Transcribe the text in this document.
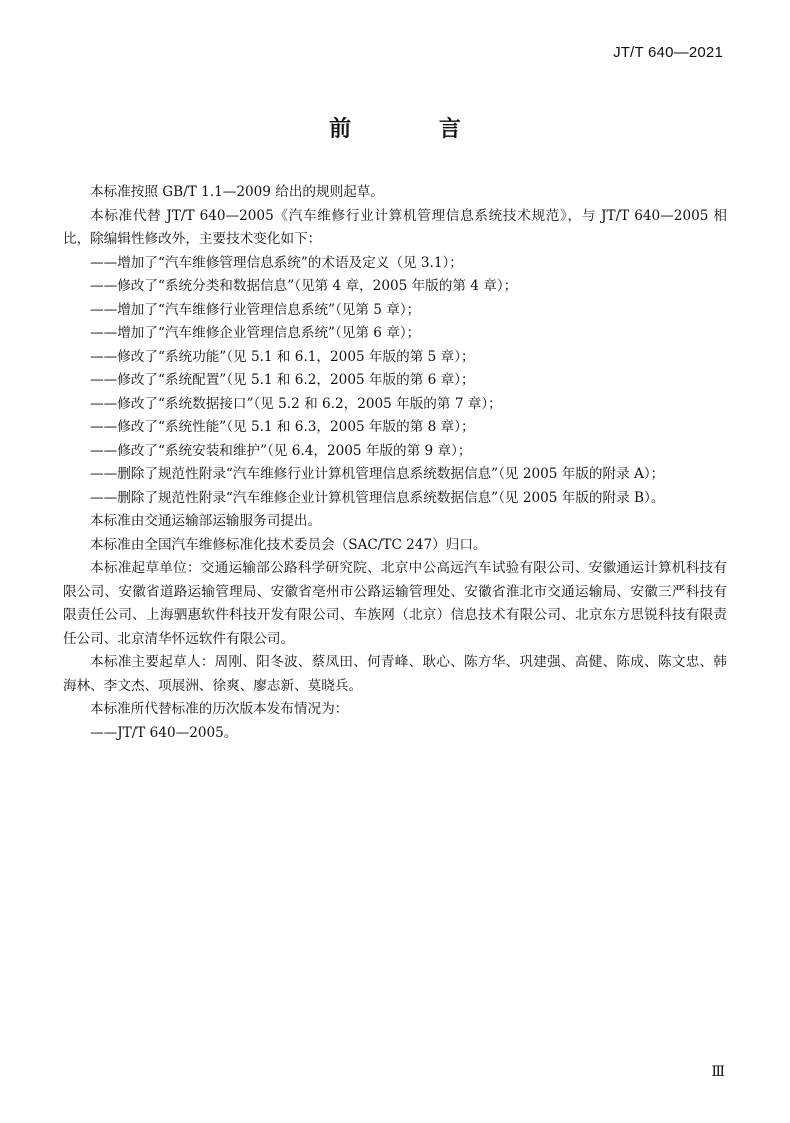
JT/T 640—2021
前 言

本标准按照 GB/T 1.1—2009 给出的规则起草。

本标准代替 JT/T 640—2005《汽车维修行业计算机管理信息系统技术规范》，与 JT/T 640—2005 相比，除编辑性修改外，主要技术变化如下：

——增加了“汽车维修管理信息系统”的术语及定义（见 3.1）；

——修改了“系统分类和数据信息”（见第 4 章，2005 年版的第 4 章）；

——增加了“汽车维修行业管理信息系统”（见第 5 章）；

——增加了“汽车维修企业管理信息系统”（见第 6 章）；

——修改了“系统功能”（见 5.1 和 6.1，2005 年版的第 5 章）；

——修改了“系统配置”（见 5.1 和 6.2，2005 年版的第 6 章）；

——修改了“系统数据接口”（见 5.2 和 6.2，2005 年版的第 7 章）；

——修改了“系统性能”（见 5.1 和 6.3，2005 年版的第 8 章）；

——修改了“系统安装和维护”（见 6.4，2005 年版的第 9 章）；

——删除了规范性附录“汽车维修行业计算机管理信息系统数据信息”（见 2005 年版的附录 A）；

——删除了规范性附录“汽车维修企业计算机管理信息系统数据信息”（见 2005 年版的附录 B）。

本标准由交通运输部运输服务司提出。

本标准由全国汽车维修标准化技术委员会（SAC/TC 247）归口。

本标准起草单位：交通运输部公路科学研究院、北京中公高远汽车试验有限公司、安徽通运计算机科技有限公司、安徽省道路运输管理局、安徽省亳州市公路运输管理处、安徽省淮北市交通运输局、安徽三严科技有限责任公司、上海驷惠软件科技开发有限公司、车族网（北京）信息技术有限公司、北京东方思锐科技有限责任公司、北京清华怀远软件有限公司。

本标准主要起草人：周刚、阳冬波、蔡凤田、何青峰、耿心、陈方华、巩建强、高健、陈成、陈文忠、韩海林、李文杰、项展洲、徐爽、廖志新、莫晓兵。

本标准所代替标准的历次版本发布情况为：

——JT/T 640—2005。

Ⅲ
